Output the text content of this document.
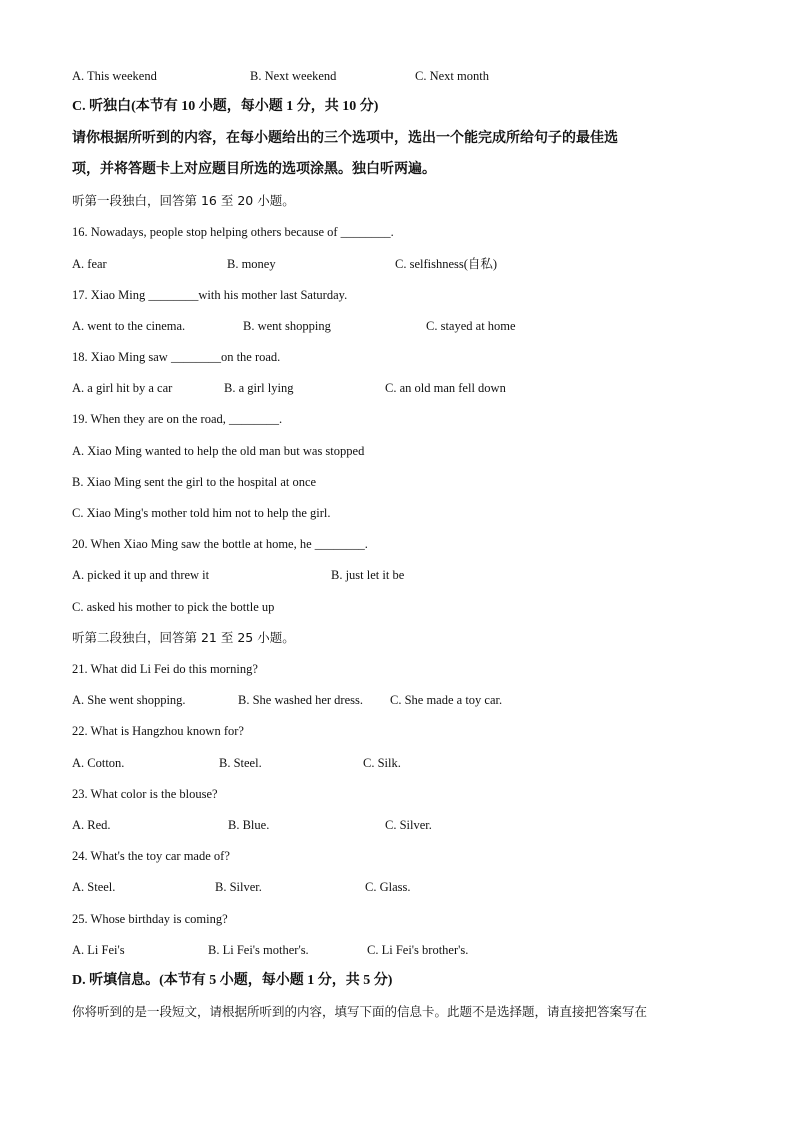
A. This weekend	B. Next weekend	C. Next month
C. 听独白(本节有 10 小题，每小题 1 分，共 10 分)
请你根据所听到的内容，在每小题给出的三个选项中，选出一个能完成所给句子的最佳选
项，并将答题卡上对应题目所选的选项涂黑。独白听两遍。
听第一段独白，回答第 16 至 20 小题。
16. Nowadays, people stop helping others because of ________.
A. fear	B. money	C. selfishness(自私)
17. Xiao Ming ________with his mother last Saturday.
A. went to the cinema.	B. went shopping	C. stayed at home
18. Xiao Ming saw ________on the road.
A. a girl hit by a car	B. a girl lying	C. an old man fell down
19. When they are on the road, ________.
A. Xiao Ming wanted to help the old man but was stopped
B. Xiao Ming sent the girl to the hospital at once
C. Xiao Ming's mother told him not to help the girl.
20. When Xiao Ming saw the bottle at home, he ________.
A. picked it up and threw it	B. just let it be
C. asked his mother to pick the bottle up
听第二段独白，回答第 21 至 25 小题。
21. What did Li Fei do this morning?
A. She went shopping.	B. She washed her dress. C. She made a toy car.
22. What is Hangzhou known for?
A. Cotton.	B. Steel.	C. Silk.
23. What color is the blouse?
A. Red.	B. Blue.	C. Silver.
24. What's the toy car made of?
A. Steel.	B. Silver.	C. Glass.
25. Whose birthday is coming?
A. Li Fei's	B. Li Fei's mother's.	C. Li Fei's brother's.
D. 听填信息。(本节有 5 小题，每小题 1 分，共 5 分)
你将听到的是一段短文，请根据所听到的内容，填写下面的信息卡。此题不是选择题，请直接把答案写在
